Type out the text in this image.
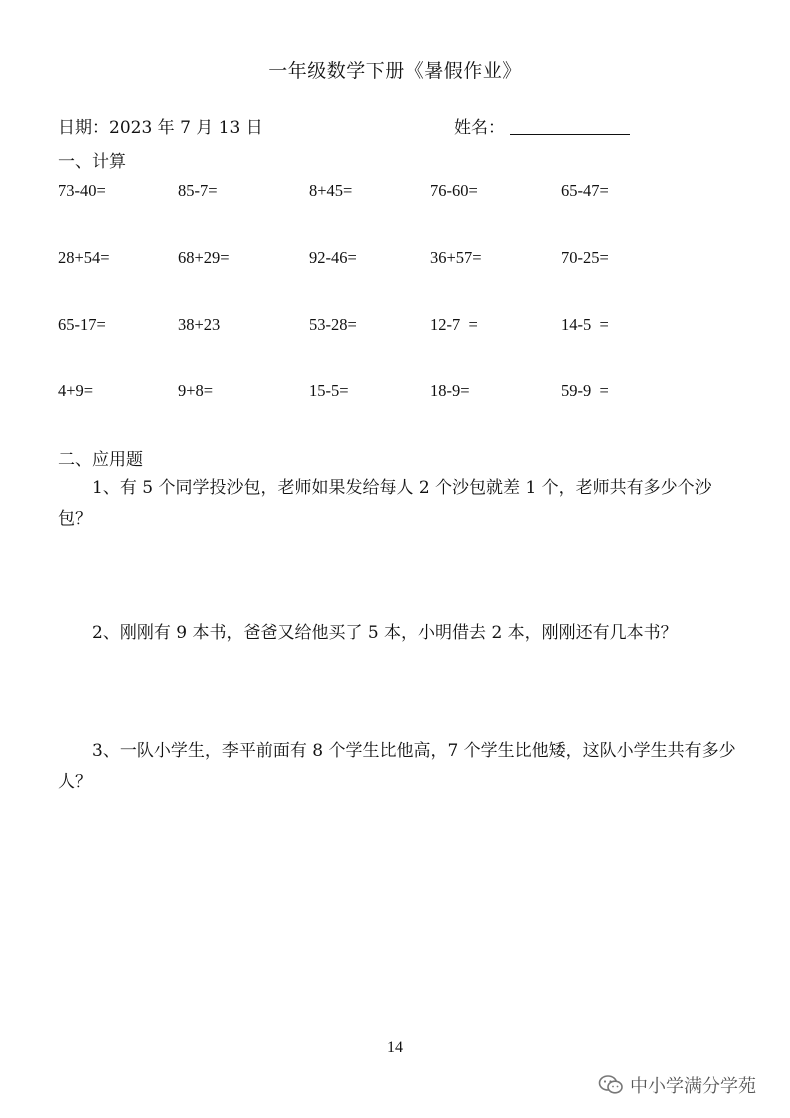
一年级数学下册《暑假作业》
日期：2023 年 7 月 13 日	姓名：
一、计算
73-40=	85-7=	8+45=	76-60=	65-47=
28+54=	68+29=	92-46=	36+57=	70-25=
65-17=	38+23	53-28=	12-7  =	14-5  =
4+9=	9+8=	15-5=	18-9=	59-9  =
二、应用题
1、有 5 个同学投沙包，老师如果发给每人 2 个沙包就差 1 个，老师共有多少个沙包？
2、刚刚有 9 本书，爸爸又给他买了 5 本，小明借去 2 本，刚刚还有几本书？
3、一队小学生，李平前面有 8 个学生比他高，7 个学生比他矮，这队小学生共有多少人？
14
中小学满分学苑
